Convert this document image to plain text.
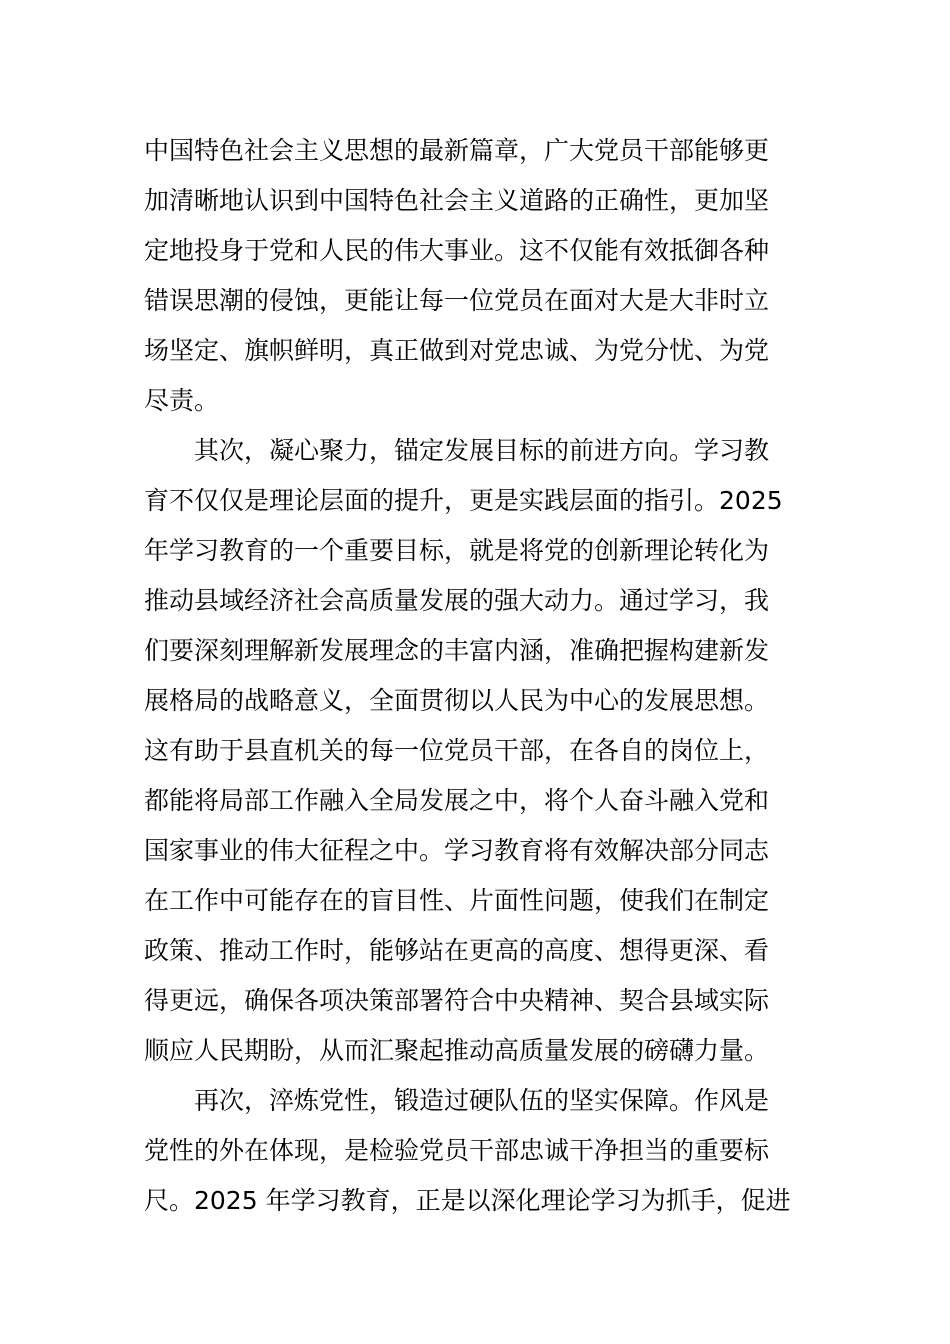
中国特色社会主义思想的最新篇章，广大党员干部能够更
加清晰地认识到中国特色社会主义道路的正确性，更加坚
定地投身于党和人民的伟大事业。这不仅能有效抵御各种
错误思潮的侵蚀，更能让每一位党员在面对大是大非时立
场坚定、旗帜鲜明，真正做到对党忠诚、为党分忧、为党
尽责。
其次，凝心聚力，锚定发展目标的前进方向。学习教
育不仅仅是理论层面的提升，更是实践层面的指引。2025
年学习教育的一个重要目标，就是将党的创新理论转化为
推动县域经济社会高质量发展的强大动力。通过学习，我
们要深刻理解新发展理念的丰富内涵，准确把握构建新发
展格局的战略意义，全面贯彻以人民为中心的发展思想。
这有助于县直机关的每一位党员干部，在各自的岗位上，
都能将局部工作融入全局发展之中，将个人奋斗融入党和
国家事业的伟大征程之中。学习教育将有效解决部分同志
在工作中可能存在的盲目性、片面性问题，使我们在制定
政策、推动工作时，能够站在更高的高度、想得更深、看
得更远，确保各项决策部署符合中央精神、契合县域实际
顺应人民期盼，从而汇聚起推动高质量发展的磅礴力量。
再次，淬炼党性，锻造过硬队伍的坚实保障。作风是
党性的外在体现，是检验党员干部忠诚干净担当的重要标
尺。2025 年学习教育，正是以深化理论学习为抓手，促进
